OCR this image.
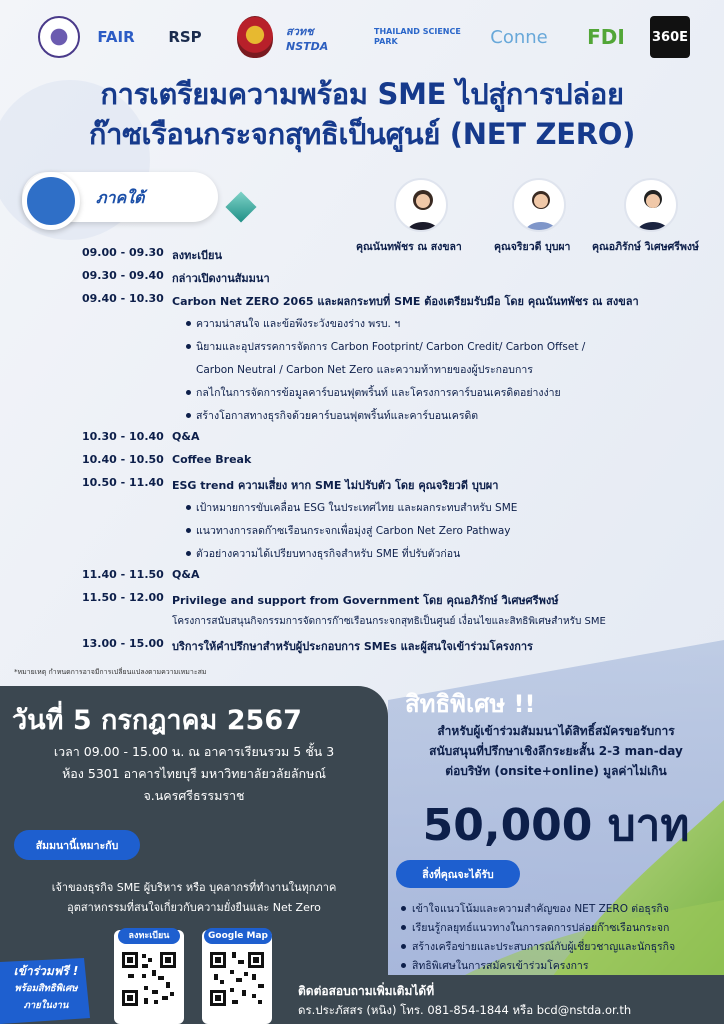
FAIR	RSP	สวทช NSTDA
THAILAND SCIENCE PARK	Conne	FDI	360E
การเตรียมความพร้อม SME ไปสู่การปล่อย
ก๊าซเรือนกระจกสุทธิเป็นศูนย์ (NET ZERO)
ภาคใต้
คุณนันทพัชร ณ สงขลา	คุณจริยวดี บุบผา คุณอภิรักษ์ วิเศษศรีพงษ์
09.00 - 09.30 ลงทะเบียน
09.30 - 09.40 กล่าวเปิดงานสัมมนา
09.40 - 10.30 Carbon Net ZERO 2065 และผลกระทบที่ SME ต้องเตรียมรับมือ โดย คุณนันทพัชร ณ สงขลา
ความน่าสนใจ และข้อพึงระวังของร่าง พรบ. ฯ
นิยามและอุปสรรคการจัดการ Carbon Footprint/ Carbon Credit/ Carbon Offset /
Carbon Neutral / Carbon Net Zero และความท้าทายของผู้ประกอบการ
กลไกในการจัดการข้อมูลคาร์บอนฟุตพริ้นท์ และโครงการคาร์บอนเครดิตอย่างง่าย
สร้างโอกาสทางธุรกิจด้วยคาร์บอนฟุตพริ้นท์และคาร์บอนเครดิต
10.30 - 10.40 Q&A
10.40 - 10.50 Coffee Break
10.50 - 11.40 ESG trend ความเสี่ยง หาก SME ไม่ปรับตัว โดย คุณจริยวดี บุบผา
เป้าหมายการขับเคลื่อน ESG ในประเทศไทย และผลกระทบสำหรับ SME
แนวทางการลดก๊าซเรือนกระจกเพื่อมุ่งสู่ Carbon Net Zero Pathway
ตัวอย่างความได้เปรียบทางธุรกิจสำหรับ SME ที่ปรับตัวก่อน
11.40 - 11.50 Q&A
11.50 - 12.00 Privilege and support from Government โดย คุณอภิรักษ์ วิเศษศรีพงษ์
โครงการสนับสนุนกิจกรรมการจัดการก๊าซเรือนกระจกสุทธิเป็นศูนย์ เงื่อนไขและสิทธิพิเศษสำหรับ SME
13.00 - 15.00 บริการให้คำปรึกษาสำหรับผู้ประกอบการ SMEs และผู้สนใจเข้าร่วมโครงการ
*หมายเหตุ กำหนดการอาจมีการเปลี่ยนแปลงตามความเหมาะสม
วันที่ 5 กรกฎาคม 2567
เวลา 09.00 - 15.00 น. ณ อาคารเรียนรวม 5 ชั้น 3
ห้อง 5301 อาคารไทยบุรี มหาวิทยาลัยวลัยลักษณ์
จ.นครศรีธรรมราช
สัมมนานี้เหมาะกับ
เจ้าของธุรกิจ SME ผู้บริหาร หรือ บุคลากรที่ทำงานในทุกภาค
อุตสาหกรรมที่สนใจเกี่ยวกับความยั่งยืนและ Net Zero
เข้าร่วมฟรี !
พร้อมสิทธิพิเศษ
ภายในงาน
ลงทะเบียน	Google Map
สิทธิพิเศษ !!
สำหรับผู้เข้าร่วมสัมมนาได้สิทธิ์สมัครขอรับการ
สนับสนุนที่ปรึกษาเชิงลึกระยะสั้น 2-3 man-day
ต่อบริษัท (onsite+online) มูลค่าไม่เกิน
50,000 บาท
สิ่งที่คุณจะได้รับ
เข้าใจแนวโน้มและความสำคัญของ NET ZERO ต่อธุรกิจ
เรียนรู้กลยุทธ์แนวทางในการลดการปล่อยก๊าซเรือนกระจก
สร้างเครือข่ายและประสบการณ์กับผู้เชี่ยวชาญและนักธุรกิจ
สิทธิพิเศษในการสมัครเข้าร่วมโครงการ
ติดต่อสอบถามเพิ่มเติมได้ที่
ดร.ประภัสสร (หนิง) โทร. 081-854-1844 หรือ bcd@nstda.or.th
